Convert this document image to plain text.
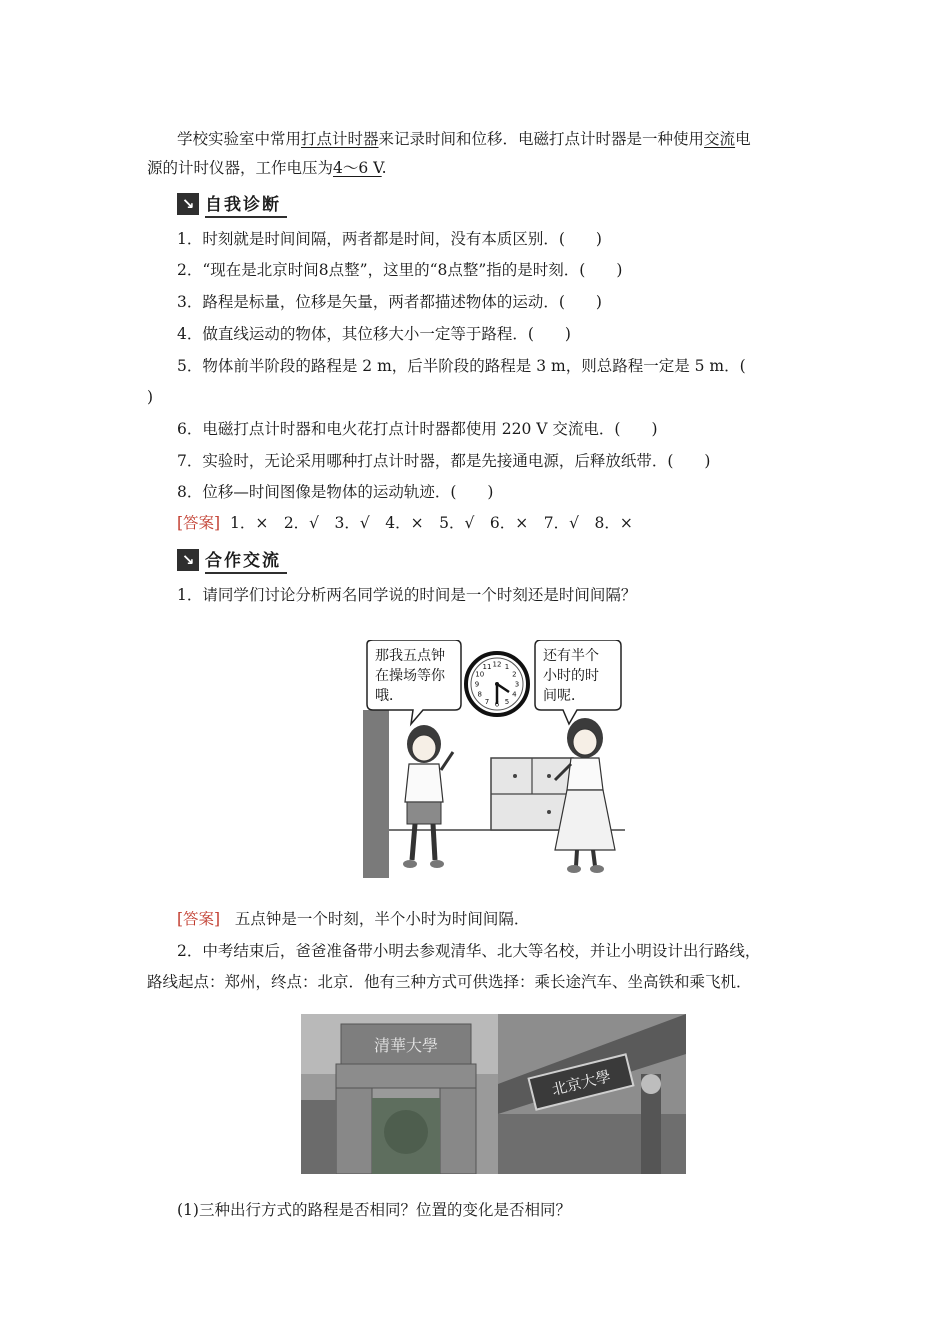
学校实验室中常用打点计时器来记录时间和位移．电磁打点计时器是一种使用交流电
源的计时仪器，工作电压为4～6 V.
↘ 自我诊断
1．时刻就是时间间隔，两者都是时间，没有本质区别．(　　)
2．“现在是北京时间8点整”，这里的“8点整”指的是时刻．(　　)
3．路程是标量，位移是矢量，两者都描述物体的运动．(　　)
4．做直线运动的物体，其位移大小一定等于路程．(　　)
5．物体前半阶段的路程是 2 m，后半阶段的路程是 3 m，则总路程一定是 5 m．(
)
6．电磁打点计时器和电火花打点计时器都使用 220 V 交流电．(　　)
7．实验时，无论采用哪种打点计时器，都是先接通电源，后释放纸带．(　　)
8．位移—时间图像是物体的运动轨迹．(　　)
[答案] 1．×　2．√　3．√　4．×　5．√　6．×　7．√　8．×
↘ 合作交流
1．请同学们讨论分析两名同学说的时间是一个时刻还是时间间隔？
那我五点钟
在操场等你
哦．
还有半个
小时的时
间呢．
12 1
2
3
4
5
6
7
8
9
10
11
[答案] 五点钟是一个时刻，半个小时为时间间隔．
2．中考结束后，爸爸准备带小明去参观清华、北大等名校，并让小明设计出行路线，
路线起点：郑州，终点：北京．他有三种方式可供选择：乘长途汽车、坐高铁和乘飞机．
清華大學
北京大學
(1)三种出行方式的路程是否相同？位置的变化是否相同？
